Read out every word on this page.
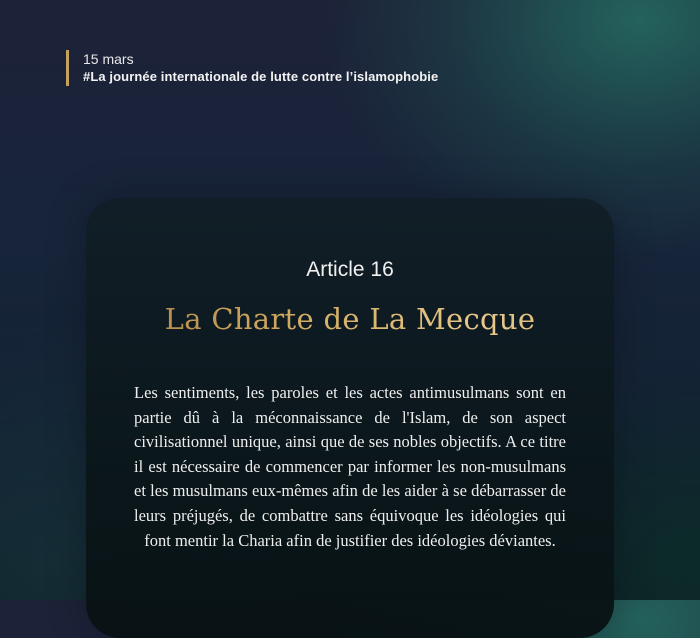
15 mars
#La journée internationale de lutte contre l’islamophobie
Article 16
La Charte de La Mecque
Les sentiments, les paroles et les actes antimusulmans sont en partie dû à la méconnaissance de l'Islam, de son aspect civilisationnel unique, ainsi que de ses nobles objectifs. A ce titre il est nécessaire de commencer par informer les non-musulmans et les musulmans eux-mêmes afin de les aider à se débarrasser de leurs préjugés, de combattre sans équivoque les idéologies qui font mentir la Charia afin de justifier des idéologies déviantes.
